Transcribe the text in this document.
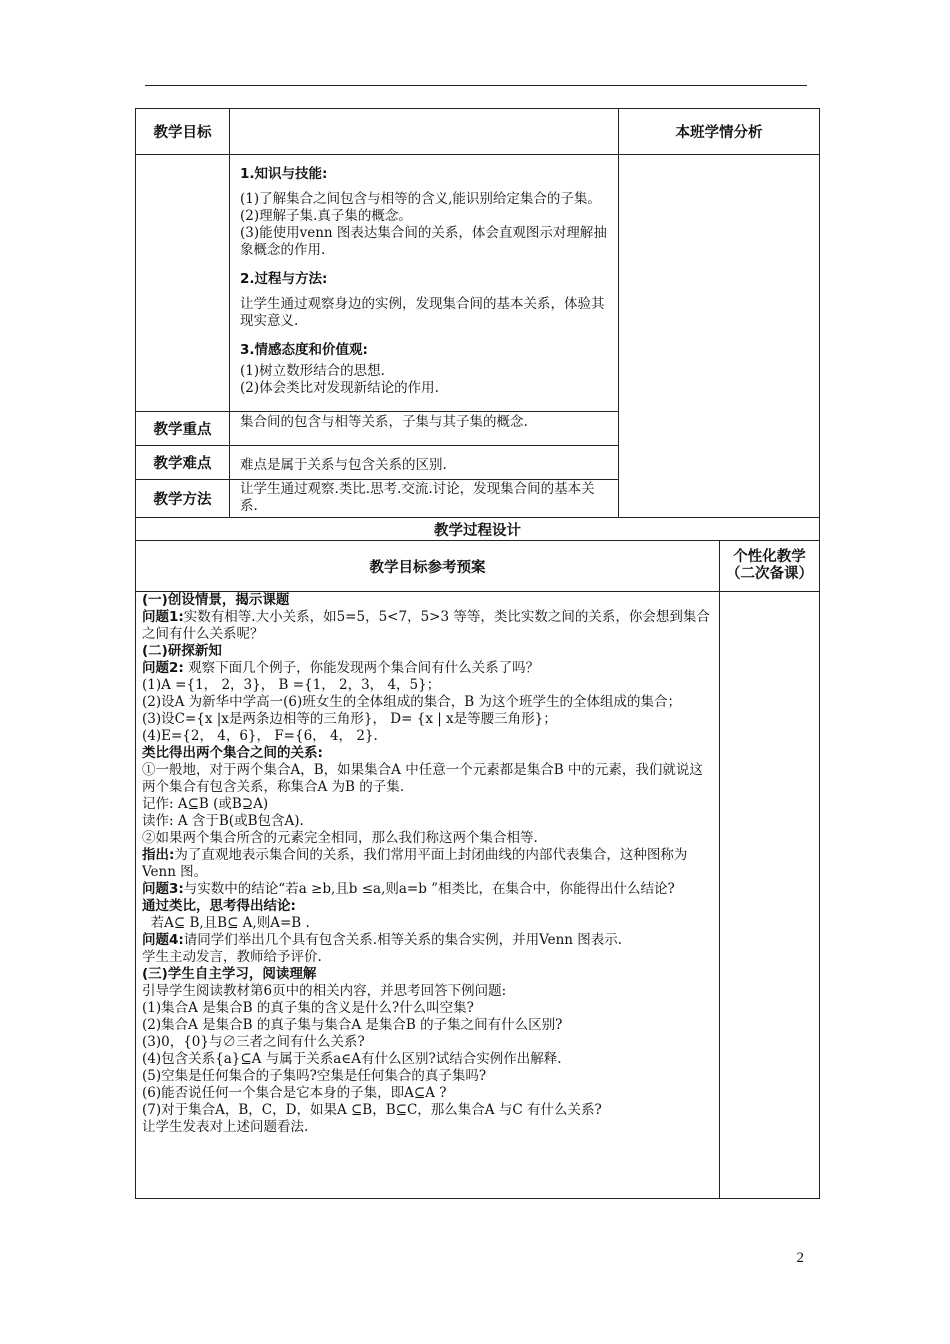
教学目标	本班学情分析

1.知识与技能:

(1)了解集合之间包含与相等的含义,能识别给定集合的子集。

(2)理解子集.真子集的概念。

(3)能使用venn 图表达集合间的关系，体会直观图示对理解抽象概念的作用.

2.过程与方法:

让学生通过观察身边的实例，发现集合间的基本关系，体验其现实意义.

3.情感态度和价值观:

(1)树立数形结合的思想.

(2)体会类比对发现新结论的作用.

教学重点 集合间的包含与相等关系，子集与其子集的概念.
教学难点 难点是属于关系与包含关系的区别.
教学方法
让学生通过观察.类比.思考.交流.讨论，发现集合间的基本关系.
教学过程设计
教学目标参考预案
个性化教学（二次备课）

(一)创设情景，揭示课题

问题1:实数有相等.大小关系，如5=5，5<7，5>3 等等，类比实数之间的关系，你会想到集合之间有什么关系呢？

(二)研探新知

问题2: 观察下面几个例子，你能发现两个集合间有什么关系了吗？

(1)A ={1， 2，3}， B ={1， 2，3， 4，5}；

(2)设A 为新华中学高一(6)班女生的全体组成的集合，B 为这个班学生的全体组成的集合；

(3)设C={x |x是两条边相等的三角形}， D= {x | x是等腰三角形}；

(4)E={2， 4，6}， F={6， 4， 2}.

类比得出两个集合之间的关系:

①一般地，对于两个集合A，B，如果集合A 中任意一个元素都是集合B 中的元素，我们就说这两个集合有包含关系，称集合A 为B 的子集.

记作: A⊆B (或B⊇A)

读作: A 含于B(或B包含A).

②如果两个集合所含的元素完全相同，那么我们称这两个集合相等.

指出:为了直观地表示集合间的关系，我们常用平面上封闭曲线的内部代表集合，这种图称为Venn 图。

问题3:与实数中的结论“若a ≥b,且b ≤a,则a=b ”相类比，在集合中，你能得出什么结论?

通过类比，思考得出结论:

若A⊆ B,且B⊆ A,则A=B .

问题4:请同学们举出几个具有包含关系.相等关系的集合实例，并用Venn 图表示.

学生主动发言，教师给予评价.

(三)学生自主学习，阅读理解

引导学生阅读教材第6页中的相关内容，并思考回答下例问题:

(1)集合A 是集合B 的真子集的含义是什么?什么叫空集?

(2)集合A 是集合B 的真子集与集合A 是集合B 的子集之间有什么区别?

(3)0，{0}与∅三者之间有什么关系?

(4)包含关系{a}⊆A 与属于关系a∈A有什么区别?试结合实例作出解释.

(5)空集是任何集合的子集吗?空集是任何集合的真子集吗?

(6)能否说任何一个集合是它本身的子集，即A⊆A ?

(7)对于集合A，B，C，D，如果A ⊆B，B⊆C，那么集合A 与C 有什么关系?

让学生发表对上述问题看法.

2
